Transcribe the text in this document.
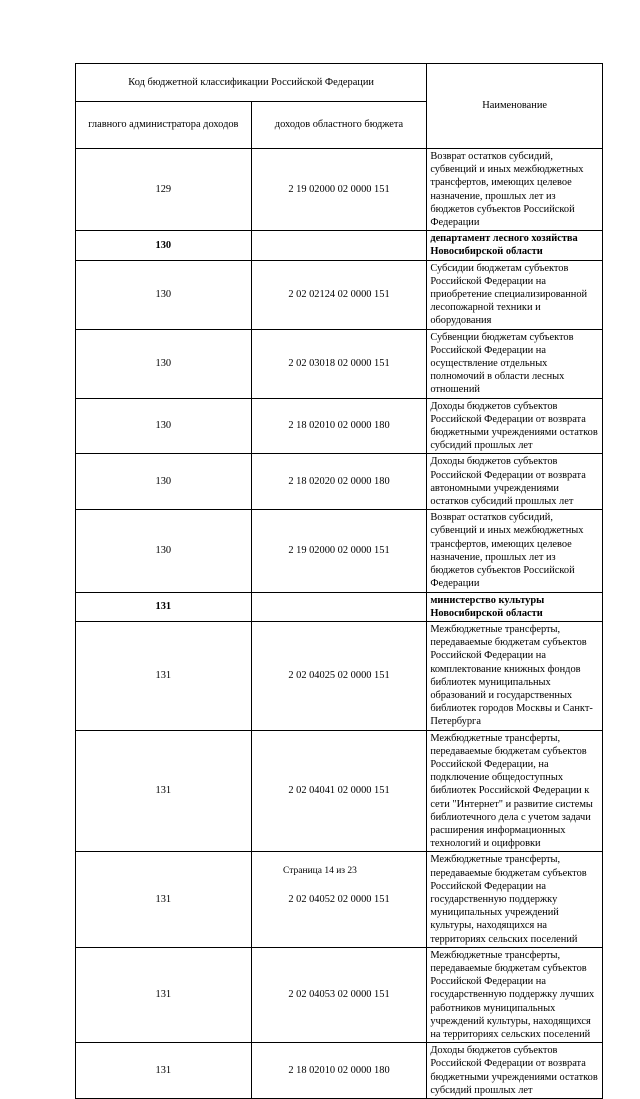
Код бюджетной классификации Российской Федерации		Наименование
главного администратора доходов	доходов областного бюджета	
129	2 19 02000 02 0000 151	Возврат остатков субсидий, субвенций и иных межбюджетных трансфертов, имеющих целевое назначение, прошлых лет из бюджетов субъектов Российской Федерации
130		департамент лесного хозяйства Новосибирской области
130	2 02 02124 02 0000 151	Субсидии бюджетам субъектов Российской Федерации на приобретение специализированной лесопожарной техники и оборудования
130	2 02 03018 02 0000 151	Субвенции бюджетам субъектов Российской Федерации на осуществление отдельных полномочий в области лесных отношений
130	2 18 02010 02 0000 180	Доходы бюджетов субъектов Российской Федерации от возврата бюджетными учреждениями остатков субсидий прошлых лет
130	2 18 02020 02 0000 180	Доходы бюджетов субъектов Российской Федерации от возврата автономными учреждениями остатков субсидий прошлых лет
130	2 19 02000 02 0000 151	Возврат остатков субсидий, субвенций и иных межбюджетных трансфертов, имеющих целевое назначение, прошлых лет из бюджетов субъектов Российской Федерации
131		министерство культуры Новосибирской области
131	2 02 04025 02 0000 151	Межбюджетные трансферты, передаваемые бюджетам субъектов Российской Федерации на комплектование книжных фондов библиотек муниципальных образований и государственных библиотек городов Москвы и Санкт-Петербурга
131	2 02 04041 02 0000 151	Межбюджетные трансферты, передаваемые бюджетам субъектов Российской Федерации, на подключение общедоступных библиотек Российской Федерации к сети "Интернет" и развитие системы библиотечного дела с учетом задачи расширения информационных технологий и оцифровки
131	2 02 04052 02 0000 151	Межбюджетные трансферты, передаваемые бюджетам субъектов Российской Федерации на государственную поддержку муниципальных учреждений культуры, находящихся на территориях сельских поселений
131	2 02 04053 02 0000 151	Межбюджетные трансферты, передаваемые бюджетам субъектов Российской Федерации на государственную поддержку лучших работников муниципальных учреждений культуры, находящихся на территориях сельских поселений
131	2 18 02010 02 0000 180	Доходы бюджетов субъектов Российской Федерации от возврата бюджетными учреждениями остатков субсидий прошлых лет
Страница 14 из 23
